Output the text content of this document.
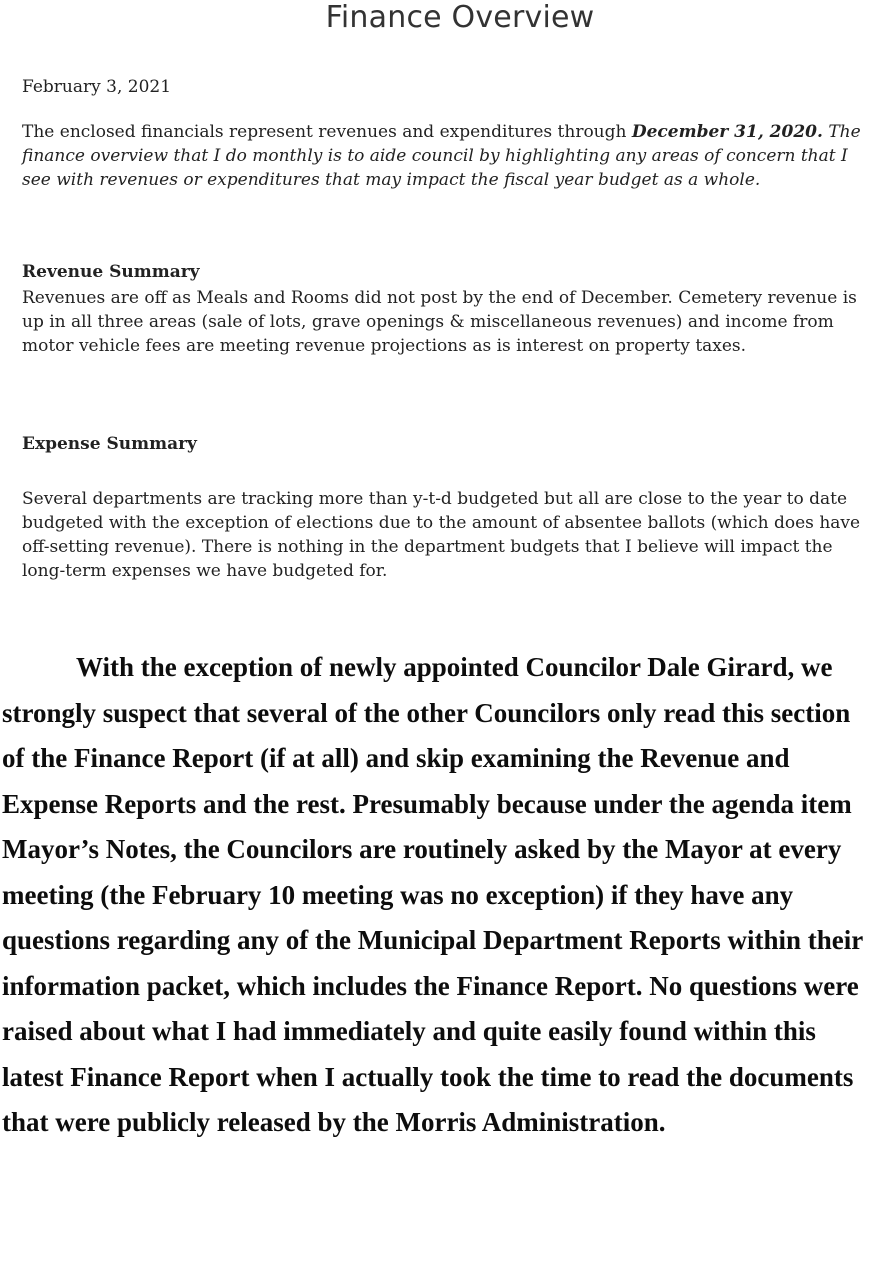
Finance Overview
February 3, 2021
The enclosed financials represent revenues and expenditures through December 31, 2020. The finance overview that I do monthly is to aide council by highlighting any areas of concern that I see with revenues or expenditures that may impact the fiscal year budget as a whole.
Revenue Summary
Revenues are off as Meals and Rooms did not post by the end of December. Cemetery revenue is up in all three areas (sale of lots, grave openings & miscellaneous revenues) and income from motor vehicle fees are meeting revenue projections as is interest on property taxes.
Expense Summary
Several departments are tracking more than y-t-d budgeted but all are close to the year to date budgeted with the exception of elections due to the amount of absentee ballots (which does have off-setting revenue). There is nothing in the department budgets that I believe will impact the long-term expenses we have budgeted for.
With the exception of newly appointed Councilor Dale Girard, we strongly suspect that several of the other Councilors only read this section of the Finance Report (if at all) and skip examining the Revenue and Expense Reports and the rest. Presumably because under the agenda item Mayor’s Notes, the Councilors are routinely asked by the Mayor at every meeting (the February 10 meeting was no exception) if they have any questions regarding any of the Municipal Department Reports within their information packet, which includes the Finance Report. No questions were raised about what I had immediately and quite easily found within this latest Finance Report when I actually took the time to read the documents that were publicly released by the Morris Administration.
